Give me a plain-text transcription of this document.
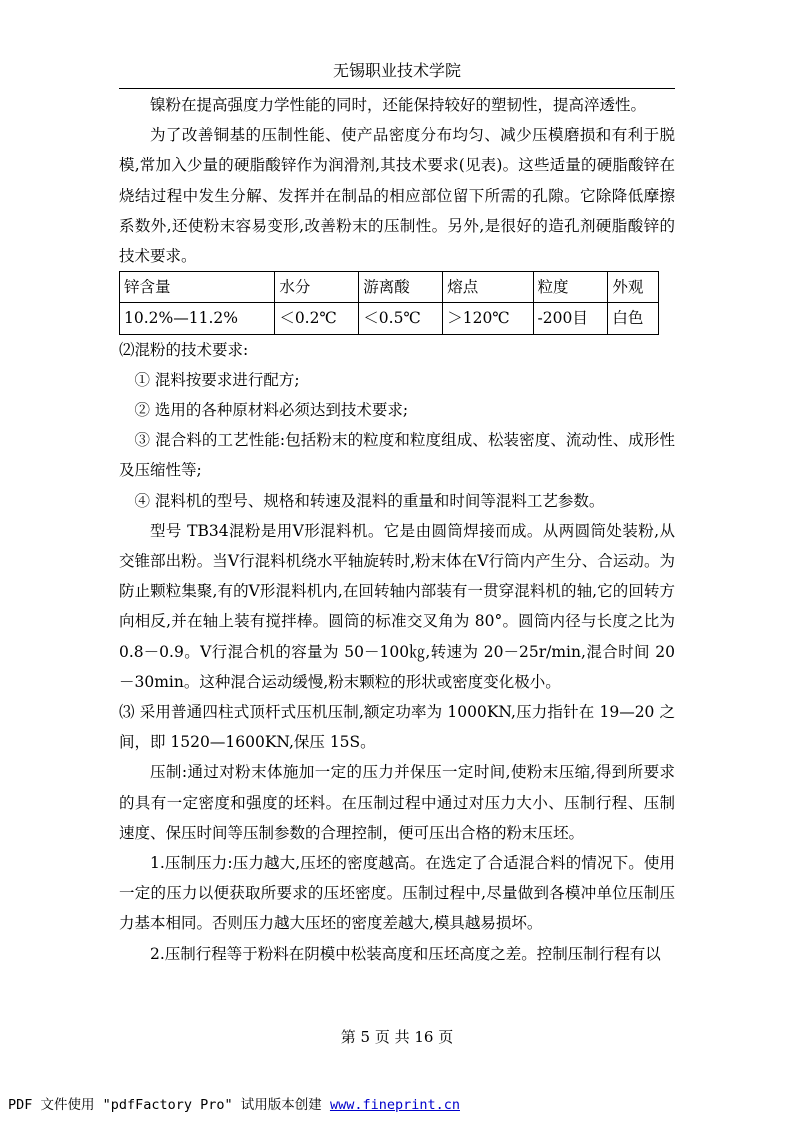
无锡职业技术学院

镍粉在提高强度力学性能的同时，还能保持较好的塑韧性，提高淬透性。

为了改善铜基的压制性能、使产品密度分布均匀、减少压模磨损和有利于脱模,常加入少量的硬脂酸锌作为润滑剂,其技术要求(见表)。这些适量的硬脂酸锌在烧结过程中发生分解、发挥并在制品的相应部位留下所需的孔隙。它除降低摩擦系数外,还使粉末容易变形,改善粉末的压制性。另外,是很好的造孔剂硬脂酸锌的技术要求。

锌含量	水分	游离酸	熔点	粒度	外观
10.2%—11.2%	＜0.2℃	＜0.5℃	＞120℃	-200目	白色

⑵混粉的技术要求:

① 混料按要求进行配方;

② 选用的各种原材料必须达到技术要求;

③ 混合料的工艺性能:包括粉末的粒度和粒度组成、松装密度、流动性、成形性及压缩性等;

④ 混料机的型号、规格和转速及混料的重量和时间等混料工艺参数。

型号 TB34混粉是用Ⅴ形混料机。它是由圆筒焊接而成。从两圆筒处装粉,从交锥部出粉。当Ⅴ行混料机绕水平轴旋转时,粉末体在Ⅴ行筒内产生分、合运动。为防止颗粒集聚,有的Ⅴ形混料机内,在回转轴内部装有一贯穿混料机的轴,它的回转方向相反,并在轴上装有搅拌棒。圆筒的标准交叉角为 80°。圆筒内径与长度之比为 0.8－0.9。Ⅴ行混合机的容量为 50－100㎏,转速为 20－25r/min,混合时间 20－30min。这种混合运动缓慢,粉末颗粒的形状或密度变化极小。

⑶ 采用普通四柱式顶杆式压机压制,额定功率为 1000KN,压力指针在 19—20 之间，即 1520—1600KN,保压 15S。

压制:通过对粉末体施加一定的压力并保压一定时间,使粉末压缩,得到所要求的具有一定密度和强度的坯料。在压制过程中通过对压力大小、压制行程、压制速度、保压时间等压制参数的合理控制，便可压出合格的粉末压坯。

1.压制压力:压力越大,压坯的密度越高。在选定了合适混合料的情况下。使用一定的压力以便获取所要求的压坯密度。压制过程中,尽量做到各模冲单位压制压力基本相同。否则压力越大压坯的密度差越大,模具越易损坏。

2.压制行程等于粉料在阴模中松装高度和压坯高度之差。控制压制行程有以

第 5 页 共 16 页
PDF 文件使用 "pdfFactory Pro" 试用版本创建 www.fineprint.cn
